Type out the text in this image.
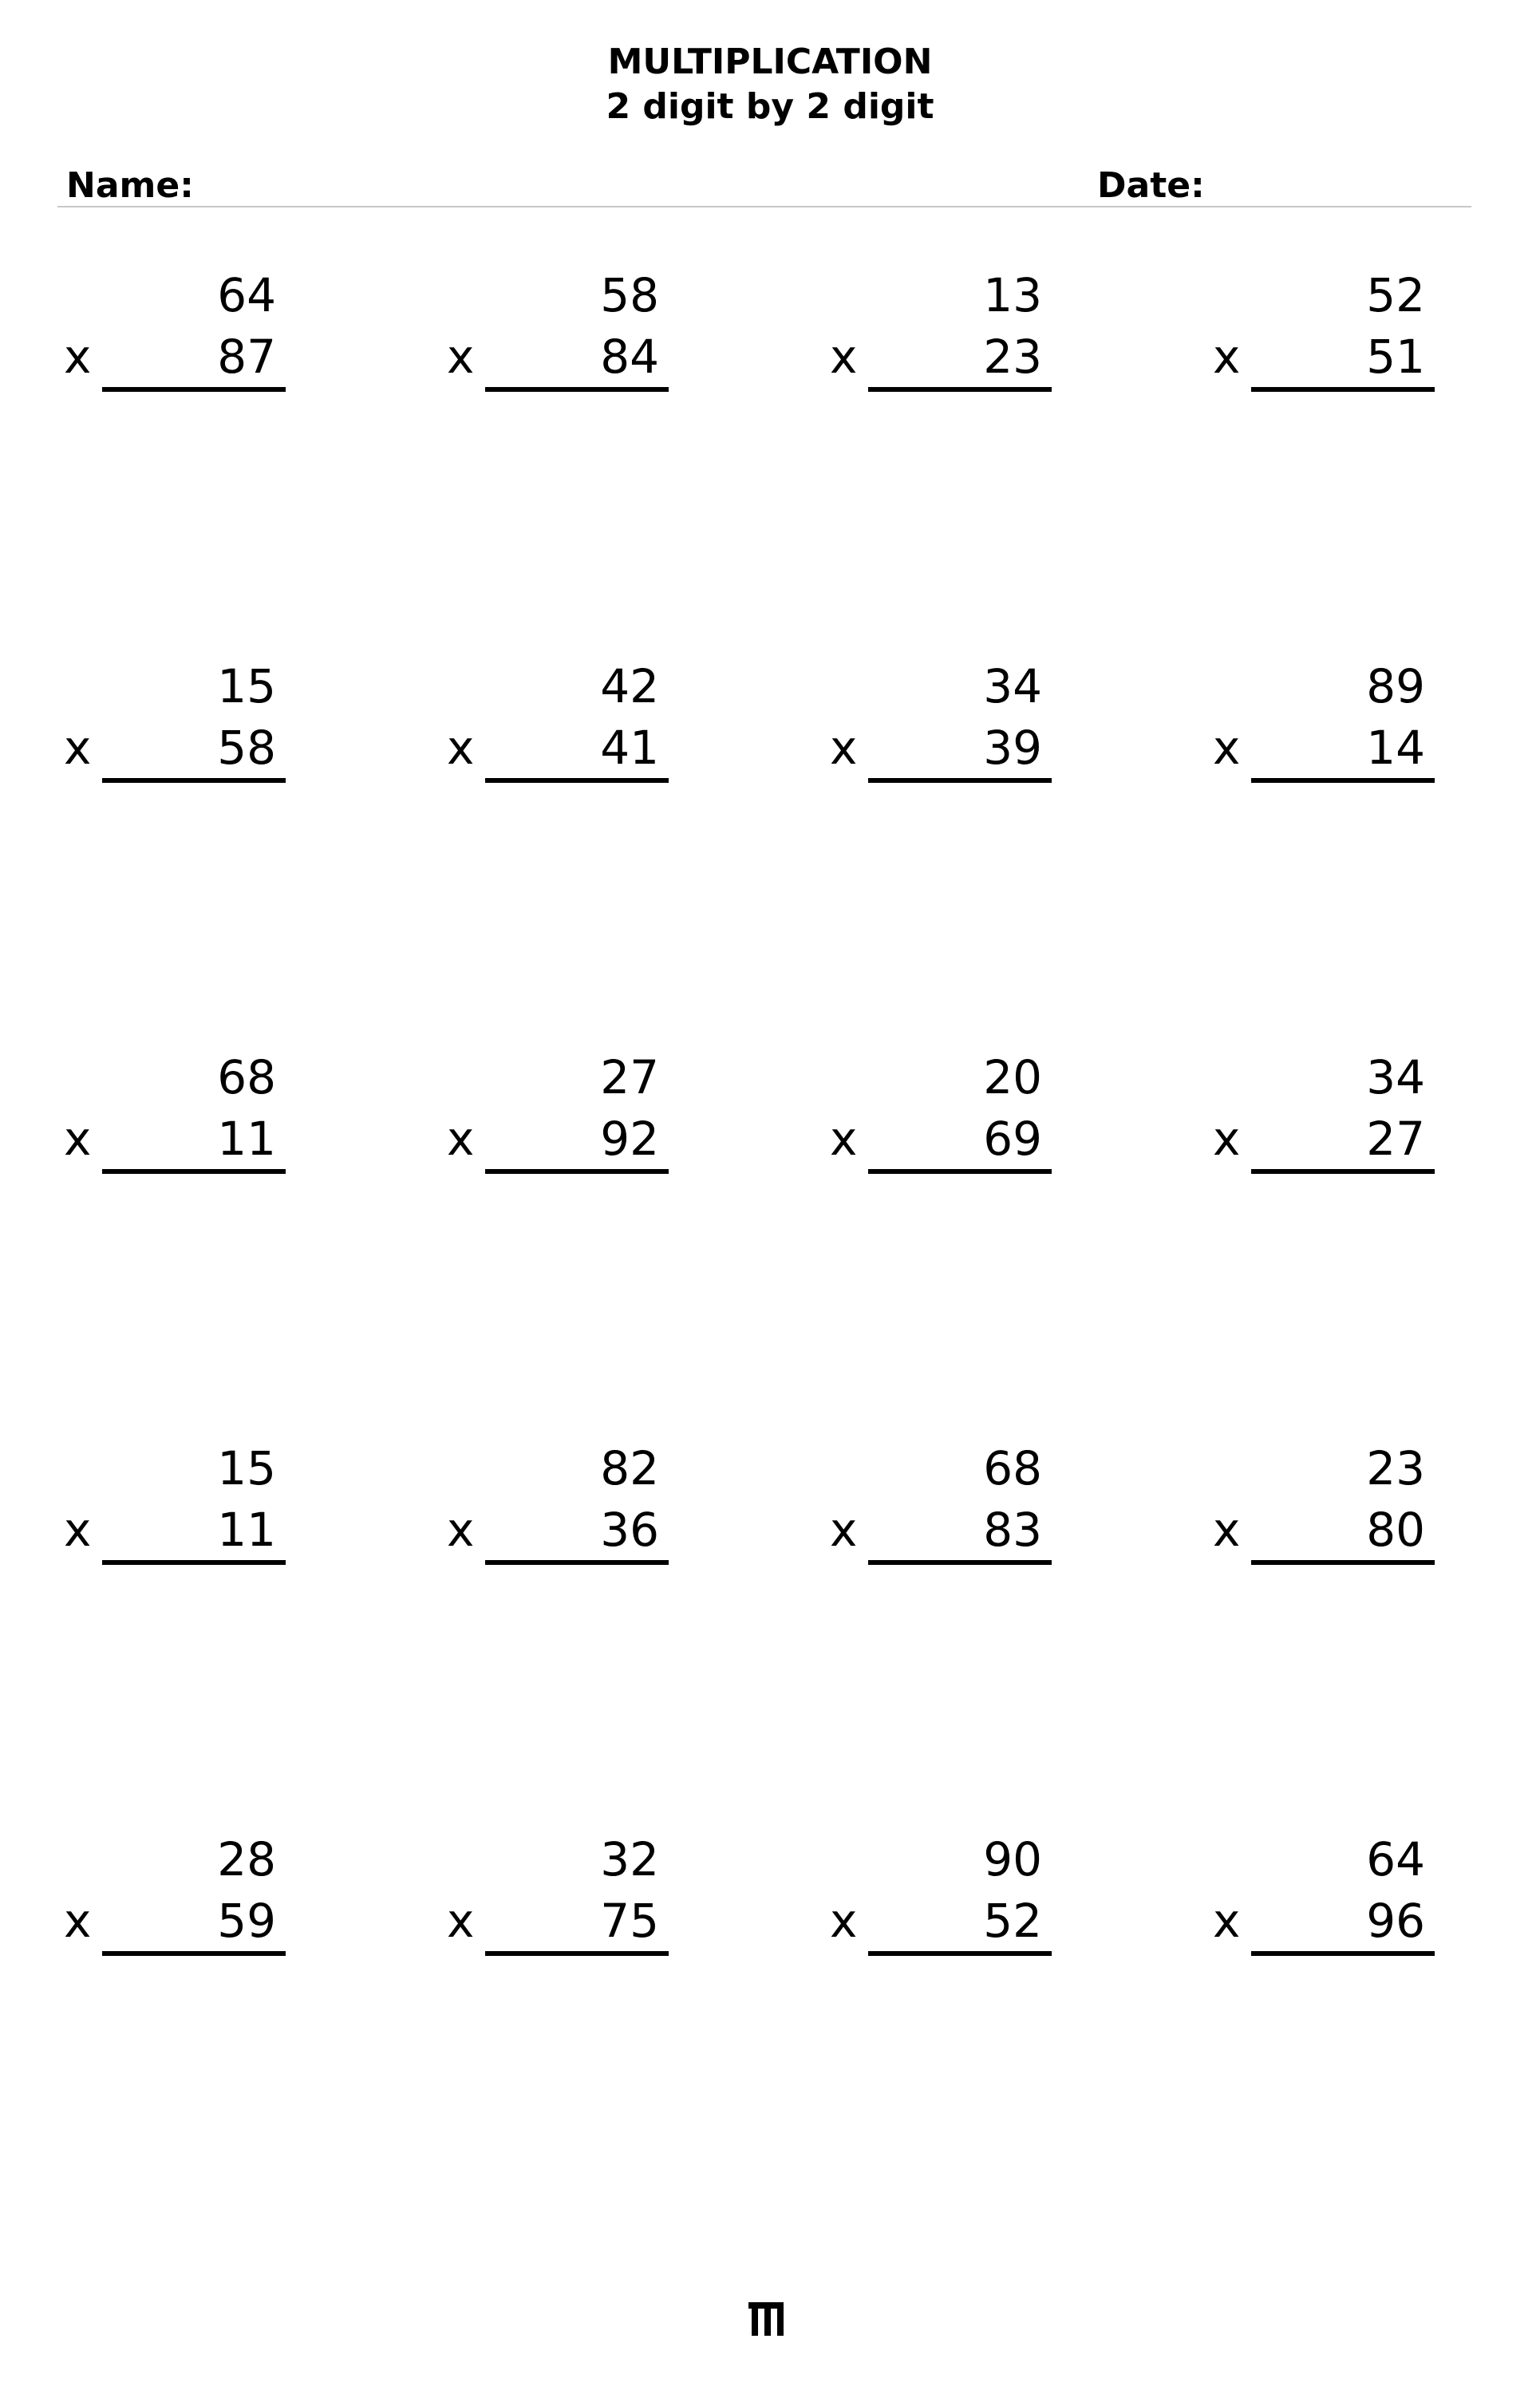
MULTIPLICATION
2 digit by 2 digit
Name:	Date:
64
x	87
58
x	84
13
x	23
52
x	51
15
x	58
42
x	41
34
x	39
89
x	14
68
x	11
27
x	92
20
x	69
34
x	27
15
x	11
82
x	36
68
x	83
23
x	80
28
x	59
32
x	75
90
x	52
64
x	96
